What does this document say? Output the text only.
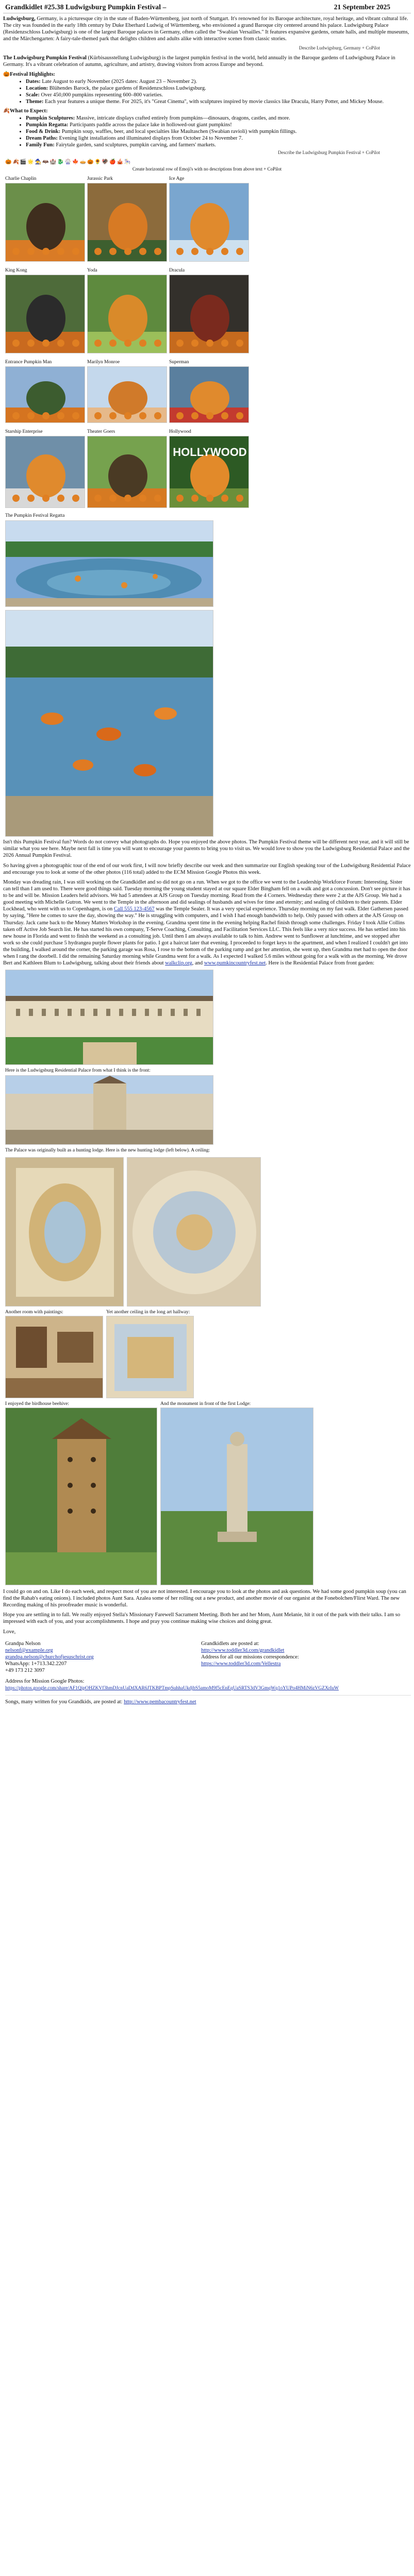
Grandkidlet #25.38 Ludwigsburg Pumpkin Festival –	21 September 2025

Ludwigsburg, Germany, is a picturesque city in the state of Baden-Württemberg, just north of Stuttgart. It's renowned for its Baroque architecture, royal heritage, and vibrant cultural life. The city was founded in the early 18th century by Duke Eberhard Ludwig of Württemberg, who envisioned a grand Baroque city centered around his palace. Ludwigsburg Palace (Residenzschloss Ludwigsburg) is one of the largest Baroque palaces in Germany, often called the "Swabian Versailles." It features expansive gardens, ornate halls, and multiple museums, and the Märchengarten: A fairy-tale-themed park that delights children and adults alike with interactive scenes from classic stories.

Describe Ludwigsburg, Germany + CoPilot

The Ludwigsburg Pumpkin Festival (Kürbisausstellung Ludwigsburg) is the largest pumpkin festival in the world, held annually in the Baroque gardens of Ludwigsburg Palace in Germany. It's a vibrant celebration of autumn, agriculture, and artistry, drawing visitors from across Europe and beyond.

🎃Festival Highlights:
• Dates: Late August to early November (2025 dates: August 23 – November 2).
• Location: Blühendes Barock, the palace gardens of Residenzschloss Ludwigsburg.
• Scale: Over 450,000 pumpkins representing 600–800 varieties.
• Theme: Each year features a unique theme. For 2025, it's "Great Cinema", with sculptures inspired by movie classics like Dracula, Harry Potter, and Mickey Mouse.
🍂What to Expect:
• Pumpkin Sculptures: Massive, intricate displays crafted entirely from pumpkins—dinosaurs, dragons, castles, and more.
• Pumpkin Regatta: Participants paddle across the palace lake in hollowed-out giant pumpkins!
• Food & Drink: Pumpkin soup, waffles, beer, and local specialties like Maultaschen (Swabian ravioli) with pumpkin fillings.
• Dream Paths: Evening light installations and illuminated displays from October 24 to November 7.
• Family Fun: Fairytale garden, sand sculptures, pumpkin carving, and farmers' markets.
Describe the Ludwigsburg Pumpkin Festival + CoPilot
🎃🍂🎬🌟🧙🦇🏰🐉🎡🍁🥧🎃🌻🦃🍎🎪🎠
Create horizontal row of Emoji's with no descriptions from above text + CoPilot
Charlie Chaplin	Jurassic Park	Ice Age
King Kong	Yoda	Dracula
Entrance Pumpkin Man	Marilyn Monroe	Superman
Starship Enterprise	Theater Goers	Hollywood
HOLLYWOOD
The Pumpkin Festival Regatta

Isn't this Pumpkin Festival fun? Words do not convey what photographs do. Hope you enjoyed the above photos. The Pumpkin Festival theme will be different next year, and it will still be similar what you see here. Maybe next fall is time you will want to encourage your parents to bring you to visit us. We would love to show you the Ludwigsburg Residential Palace and the 2026 Annual Pumpkin Festival.

So having given a photographic tour of the end of our work first, I will now briefly describe our week and then summarize our English speaking tour of the Ludwigsburg Residential Palace and encourage you to look at some of the other photos (116 total) added to the ECM Mission Google Photos this week.

Monday was dreading rain, I was still working on the Grandkidlet and so did not go on a run. When we got to the office we went to the Leadership Workforce Forum: Interesting. Sister can tell than I am used to. There were good things said. Tuesday morning the young student stayed at our square Elder Bingham fell on a walk and got a concussion. Don't see picture it has to be and will be. Mission Leaders held advisors. We had 5 attendees at AJS Group on Tuesday morning. Read from the 4 Corners. Wednesday there were 2 at the AJS Group. We had a good meeting with Michelle Gutron. We went to the Temple in the afternoon and did sealings of husbands and wives for time and eternity; and sealing of children to their parents. Elder Lockhead, who went with us to Copenhagen, is on Call 555 123-4567 was the Temple Sealer. It was a very special experience. Thursday morning on my fast walk. Elder Gathersen passed by saying, "Here he comes to save the day, showing the way." He is struggling with computers, and I wish I had enough bandwidth to help. Only passed with others at the AJS Group on Thursday. Jack came back to the Money Matters Workshop in the evening. Grandma spent time in the evening helping Rachel finish through some challenges. Friday I took Allie Collins taken off Active Job Search list. He has started his own company, T-Serve Coaching, Consulting, and Facilitation Services LLC. This feels like a very nice success. He has settled into his new house in Florida and went to finish the weekend as a consulting job. Until then I am always available to talk to him. Andrew went to Sunflower at lunchtime, and we stopped after work so she could purchase 5 hydrangea purple flower plants for patio. I got a haircut later that evening. I proceeded to forget keys to the apartment, and when I realized I couldn't get into the building, I walked around the corner, the parking garage was Rosa, I rose to the bottom of the parking ramp and got her attention, she went up, then Grandma met had to open the door when I rang the doorbell. I did the remaining Saturday morning while Grandma went for a walk. As I expected I walked 5.6 miles without going for a walk with as the morning. We drove Bert and Kathleen Blum to Ludwigsburg, talking about their friends about walkclip.org, and www.pumkincountryfest.net. Here is the Residential Palace from front garden:

Here is the Ludwigsburg Residential Palace from what I think is the front:
The Palace was originally built as a hunting lodge. Here is the new hunting lodge (left below). A ceiling:
Another room with paintings:	Yet another ceiling in the long art hallway:
I enjoyed the birdhouse beehive:	And the monument in front of the first Lodge:

I could go on and on. Like I do each week, and respect most of you are not interested. I encourage you to look at the photos and ask questions. We had some good pumpkin soup (you can find the Rahab's eating onions). I included photos Aunt Sara. Azalea some of her rolling out a new product, and another movie of our organist at the Fonebolchen/Flirst Ward. The new Recording making of his proofreader music is wonderful.

Hope you are settling in to fall. We really enjoyed Stella's Missionary Farewell Sacrament Meeting. Both her and her Mom, Aunt Melanie, hit it out of the park with their talks. I am so impressed with each of you, and your accomplishments. I hope and pray you continue making wise choices and doing great.

Love,

Grandpa Nelson
nelsonf@example.org
grandpa.nelson@churchofjesuschrist.org
WhatsApp: 1+713.342.2207
+49 173 212 3097
Grandkidlets are posted at:
http://www.toddler3d.com/grandkidlet
Address for all our missions correspondence:
https://www.toddler3d.com/Vellestra
Address for Mission Google Photos:
https://photos.google.com/share/AF1QipOHZKVf3hmDJcnUaDdXAR6JTKBPTmpSuhhaUkdjbS5amoM9f5cEnEqUaSRTS3dV3GmqWq1oYUPo4HMiN6zVGZXrIuW
Songs, many written for you Grandkids, are posted at: http://www.pembacountryfest.net
